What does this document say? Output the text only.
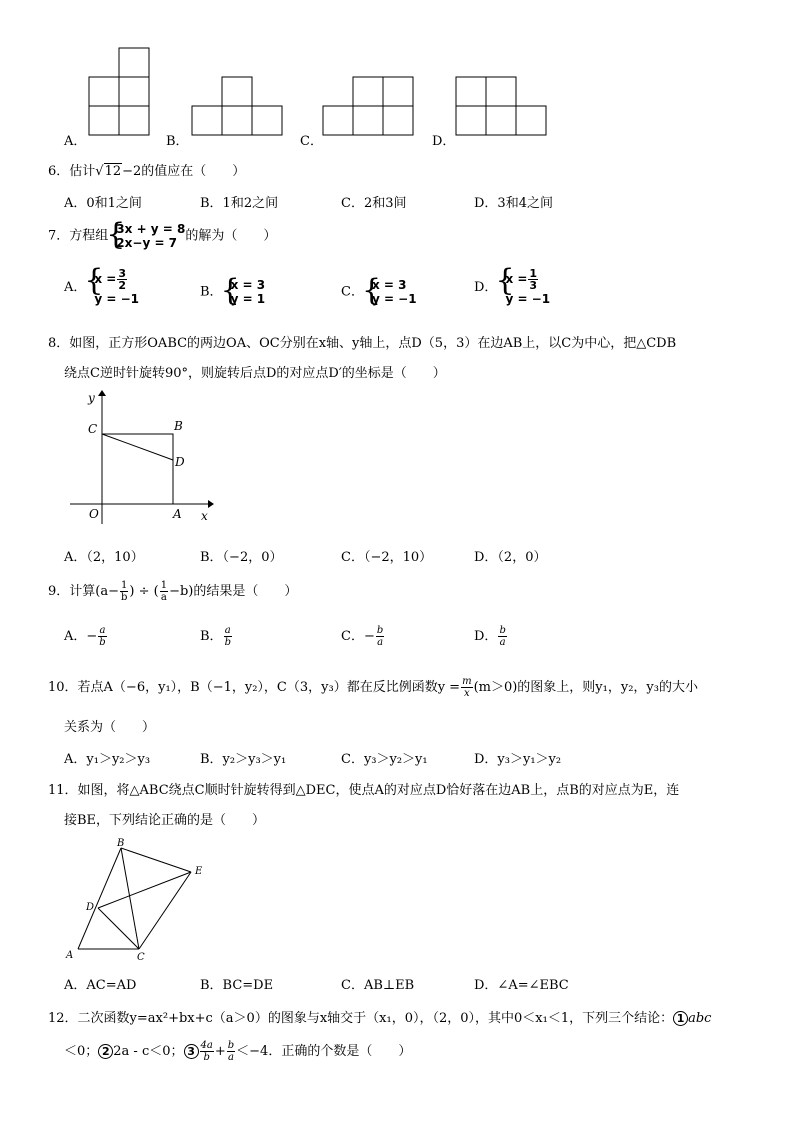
A．	B．	C．	D．
6．估计√12−2的值应在（　　）
A．0和1之间	B．1和2之间	C．2和3间	D．3和4之间
7．方程组 { 3x + y = 8
2x−y = 7 的解为（　　）
A．
{ $x = \frac{3}{2}$
y = −1	B． { x = 3
y = 1	C． { x = 3
y = −1
D．
{ $x = \frac{1}{3}$
y = −1
8．如图，正方形OABC的两边OA、OC分别在x轴、y轴上，点D（5，3）在边AB上，以C为中心，把△CDB
绕点C逆时针旋转90°，则旋转后点D的对应点D′的坐标是（　　）
y
x
C	B
D
O	A
A．（2，10）	B．（−2，0）	C．（−2，10）	D．（2，0）
9．计算($a- \frac{1}{b}$ ) ÷ ( $\frac{1}{a} -b$)的结果是（　　）
A．− $\frac{a}{b}$	B． $\frac{a}{b}$	C．− $\frac{b}{a}$	D． $\frac{b}{a}$
10．若点A（−6，y₁），B（−1，y₂），C（3，y₃）都在反比例函数$y = \frac{m}{x} (m>0)$的图象上，则y₁，y₂，y₃的大小
关系为（　　）
A．y₁＞y₂＞y₃	B．y₂＞y₃＞y₁	C．y₃＞y₂＞y₁	D．y₃＞y₁＞y₂
11．如图，将△ABC绕点C顺时针旋转得到△DEC，使点A的对应点D恰好落在边AB上，点B的对应点为E，连
接BE，下列结论正确的是（　　）
B
E
D
A	C
A．AC=AD	B．BC=DE	C．AB⊥EB	D．∠A=∠EBC
12．二次函数y=ax²+bx+c（a＞0）的图象与x轴交于（x₁，0），（2，0），其中0＜x₁＜1，下列三个结论： 1 abc
＜0； 2 2a - c＜0； $3 \frac{4a}{b} + \frac{b}{a} <-4$．正确的个数是（　　）
